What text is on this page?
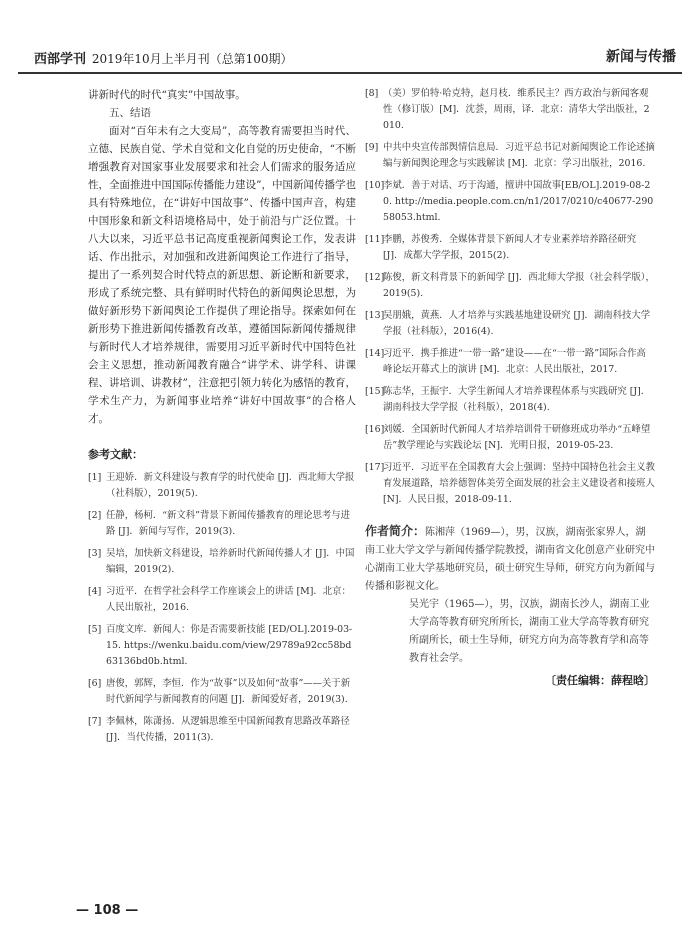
西部学刊 2019年10月上半月刊（总第100期）	新闻与传播

讲新时代的时代“真实”中国故事。

五、结语

面对“百年未有之大变局”，高等教育需要担当时代、立德、民族自觉、学术自觉和文化自觉的历史使命，“不断增强教育对国家事业发展要求和社会人们需求的服务适应性，全面推进中国国际传播能力建设”，中国新闻传播学也具有特殊地位，在“讲好中国故事”、传播中国声音，构建中国形象和新文科语境格局中，处于前沿与广泛位置。十八大以来，习近平总书记高度重视新闻舆论工作，发表讲话、作出批示，对加强和改进新闻舆论工作进行了指导，提出了一系列契合时代特点的新思想、新论断和新要求，形成了系统完整、具有鲜明时代特色的新闻舆论思想，为做好新形势下新闻舆论工作提供了理论指导。探索如何在新形势下推进新闻传播教育改革，遵循国际新闻传播规律与新时代人才培养规律，需要用习近平新时代中国特色社会主义思想，推动新闻教育融合“讲学术、讲学科、讲课程、讲培训、讲教材”，注意把引领力转化为感悟的教育，学术生产力，为新闻事业培养“讲好中国故事”的合格人才。

参考文献：
[1] 王迎娇．新文科建设与教育学的时代使命 [J]．西北师大学报（社科版），2019(5).
[2] 任静，杨柯．“新文科”背景下新闻传播教育的理论思考与进路 [J]．新闻与写作，2019(3).
[3] 吴培，加快新文科建设，培养新时代新闻传播人才 [J]．中国编辑，2019(2).
[4] 习近平．在哲学社会科学工作座谈会上的讲话 [M]．北京：人民出版社，2016.
[5] 百度文库．新闻人：你是否需要新技能 [ED/OL].2019-03-15. https://wenku.baidu.com/view/29789a92cc58bd63136bd0b.html.
[6] 唐俊，郭辉，李恒．作为“故事”以及如何“故事”——关于新时代新闻学与新闻教育的问题 [J]．新闻爱好者，2019(3).
[7] 李佩林，陈潇扬．从逻辑思维至中国新闻教育思路改革路径 [J]．当代传播，2011(3).
[8] （美）罗伯特·哈克特，赵月枝．维系民主？西方政治与新闻客观性（修订版）[M]．沈荟，周雨，译．北京：清华大学出版社，2010.
[9] 中共中央宣传部舆情信息局．习近平总书记对新闻舆论工作论述摘编与新闻舆论理念与实践解读 [M]．北京：学习出版社，2016.
[10]
李斌．善于对话、巧于沟通，擅讲中国故事[EB/OL].2019-08-20. http://media.people.com.cn/n1/2017/0210/c40677-29058053.html.
[11]
李鹏，苏俊秀．全媒体背景下新闻人才专业素养培养路径研究 [J]．成都大学学报，2015(2).
[12]
陈俊，新文科背景下的新闻学 [J]．西北师大学报（社会科学版），2019(5).
[13]
吴朋娥，黄燕．人才培养与实践基地建设研究 [J]．湖南科技大学学报（社科版），2016(4).
[14]
习近平．携手推进“一带一路”建设——在“一带一路”国际合作高峰论坛开幕式上的演讲 [M]．北京：人民出版社，2017.
[15]
陈志华，王振宇．大学生新闻人才培养课程体系与实践研究 [J]．湖南科技大学学报（社科版），2018(4).
[16]
刘媛．全国新时代新闻人才培养培训骨干研修班成功举办“五峰望岳”教学理论与实践论坛 [N]．光明日报，2019-05-23.
[17]
习近平．习近平在全国教育大会上强调：坚持中国特色社会主义教育发展道路，培养德智体美劳全面发展的社会主义建设者和接班人 [N]．人民日报，2018-09-11.
作者简介：陈湘萍（1969—），男，汉族，湖南张家界人，湖南工业大学文学与新闻传播学院教授，湖南省文化创意产业研究中心湖南工业大学基地研究员，硕士研究生导师，研究方向为新闻与传播和影视文化。
吴光宇（1965—），男，汉族，湖南长沙人，湖南工业大学高等教育研究所所长，湖南工业大学高等教育研究所副所长，硕士生导师，研究方向为高等教育学和高等教育社会学。
〔责任编辑：薛程晗〕
— 108 —
